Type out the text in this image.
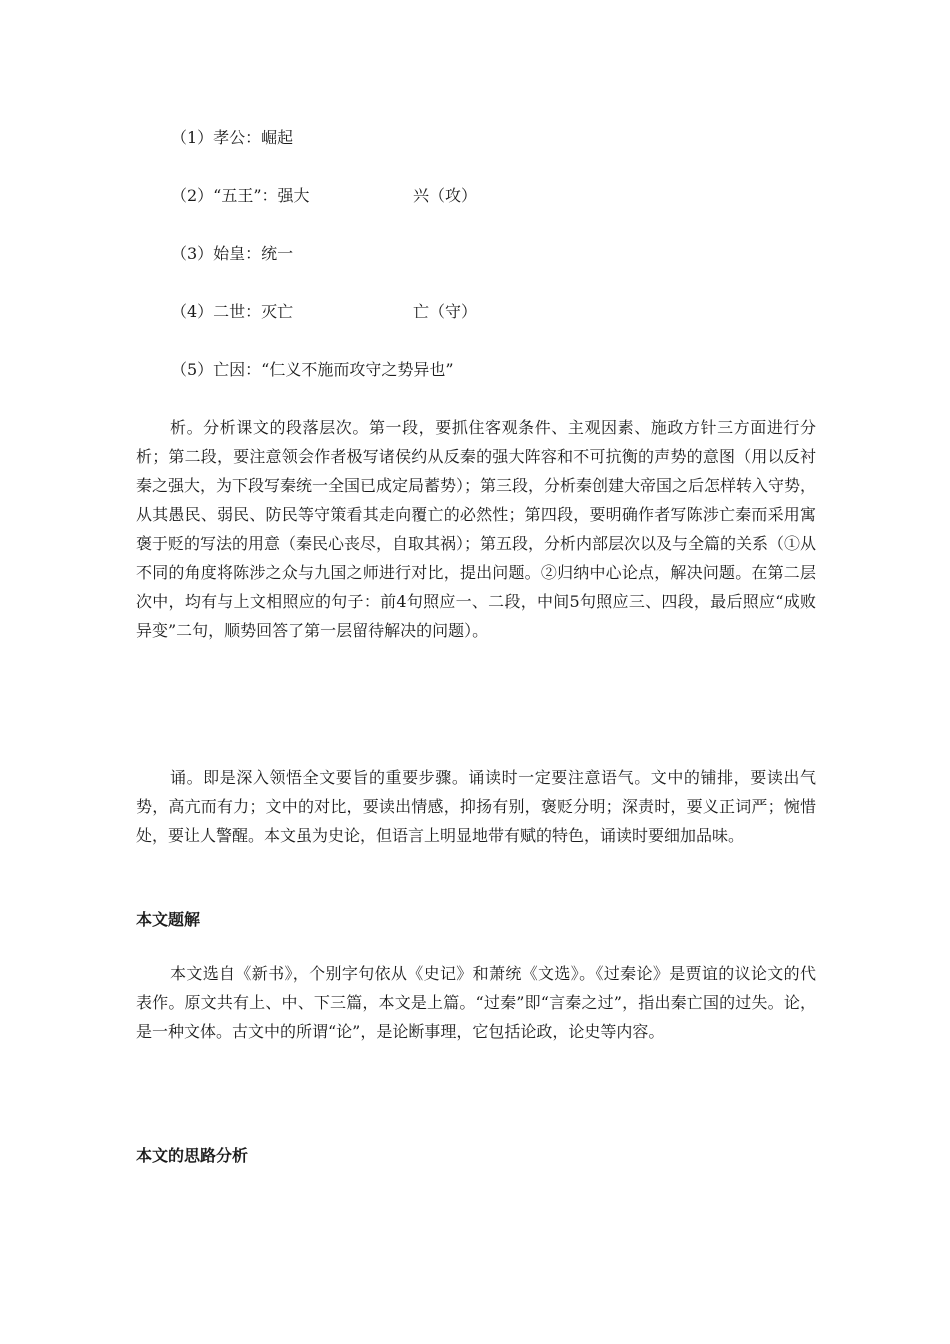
（1）孝公：崛起
（2）“五王”：强大	兴（攻）
（3）始皇：统一
（4）二世：灭亡	亡（守）
（5）亡因：“仁义不施而攻守之势异也”

析。分析课文的段落层次。第一段，要抓住客观条件、主观因素、施政方针三方面进行分析；第二段，要注意领会作者极写诸侯约从反秦的强大阵容和不可抗衡的声势的意图（用以反衬秦之强大，为下段写秦统一全国已成定局蓄势）；第三段，分析秦创建大帝国之后怎样转入守势，从其愚民、弱民、防民等守策看其走向覆亡的必然性；第四段，要明确作者写陈涉亡秦而采用寓褒于贬的写法的用意（秦民心丧尽，自取其祸）；第五段，分析内部层次以及与全篇的关系（①从不同的角度将陈涉之众与九国之师进行对比，提出问题。②归纳中心论点，解决问题。在第二层次中，均有与上文相照应的句子：前4句照应一、二段，中间5句照应三、四段，最后照应“成败异变”二句，顺势回答了第一层留待解决的问题）。

诵。即是深入领悟全文要旨的重要步骤。诵读时一定要注意语气。文中的铺排，要读出气势，高亢而有力；文中的对比，要读出情感，抑扬有别，褒贬分明；深责时，要义正词严；惋惜处，要让人警醒。本文虽为史论，但语言上明显地带有赋的特色，诵读时要细加品味。

本文题解

本文选自《新书》，个别字句依从《史记》和萧统《文选》。《过秦论》是贾谊的议论文的代表作。原文共有上、中、下三篇，本文是上篇。“过秦”即“言秦之过”，指出秦亡国的过失。论，是一种文体。古文中的所谓“论”，是论断事理，它包括论政，论史等内容。

本文的思路分析
